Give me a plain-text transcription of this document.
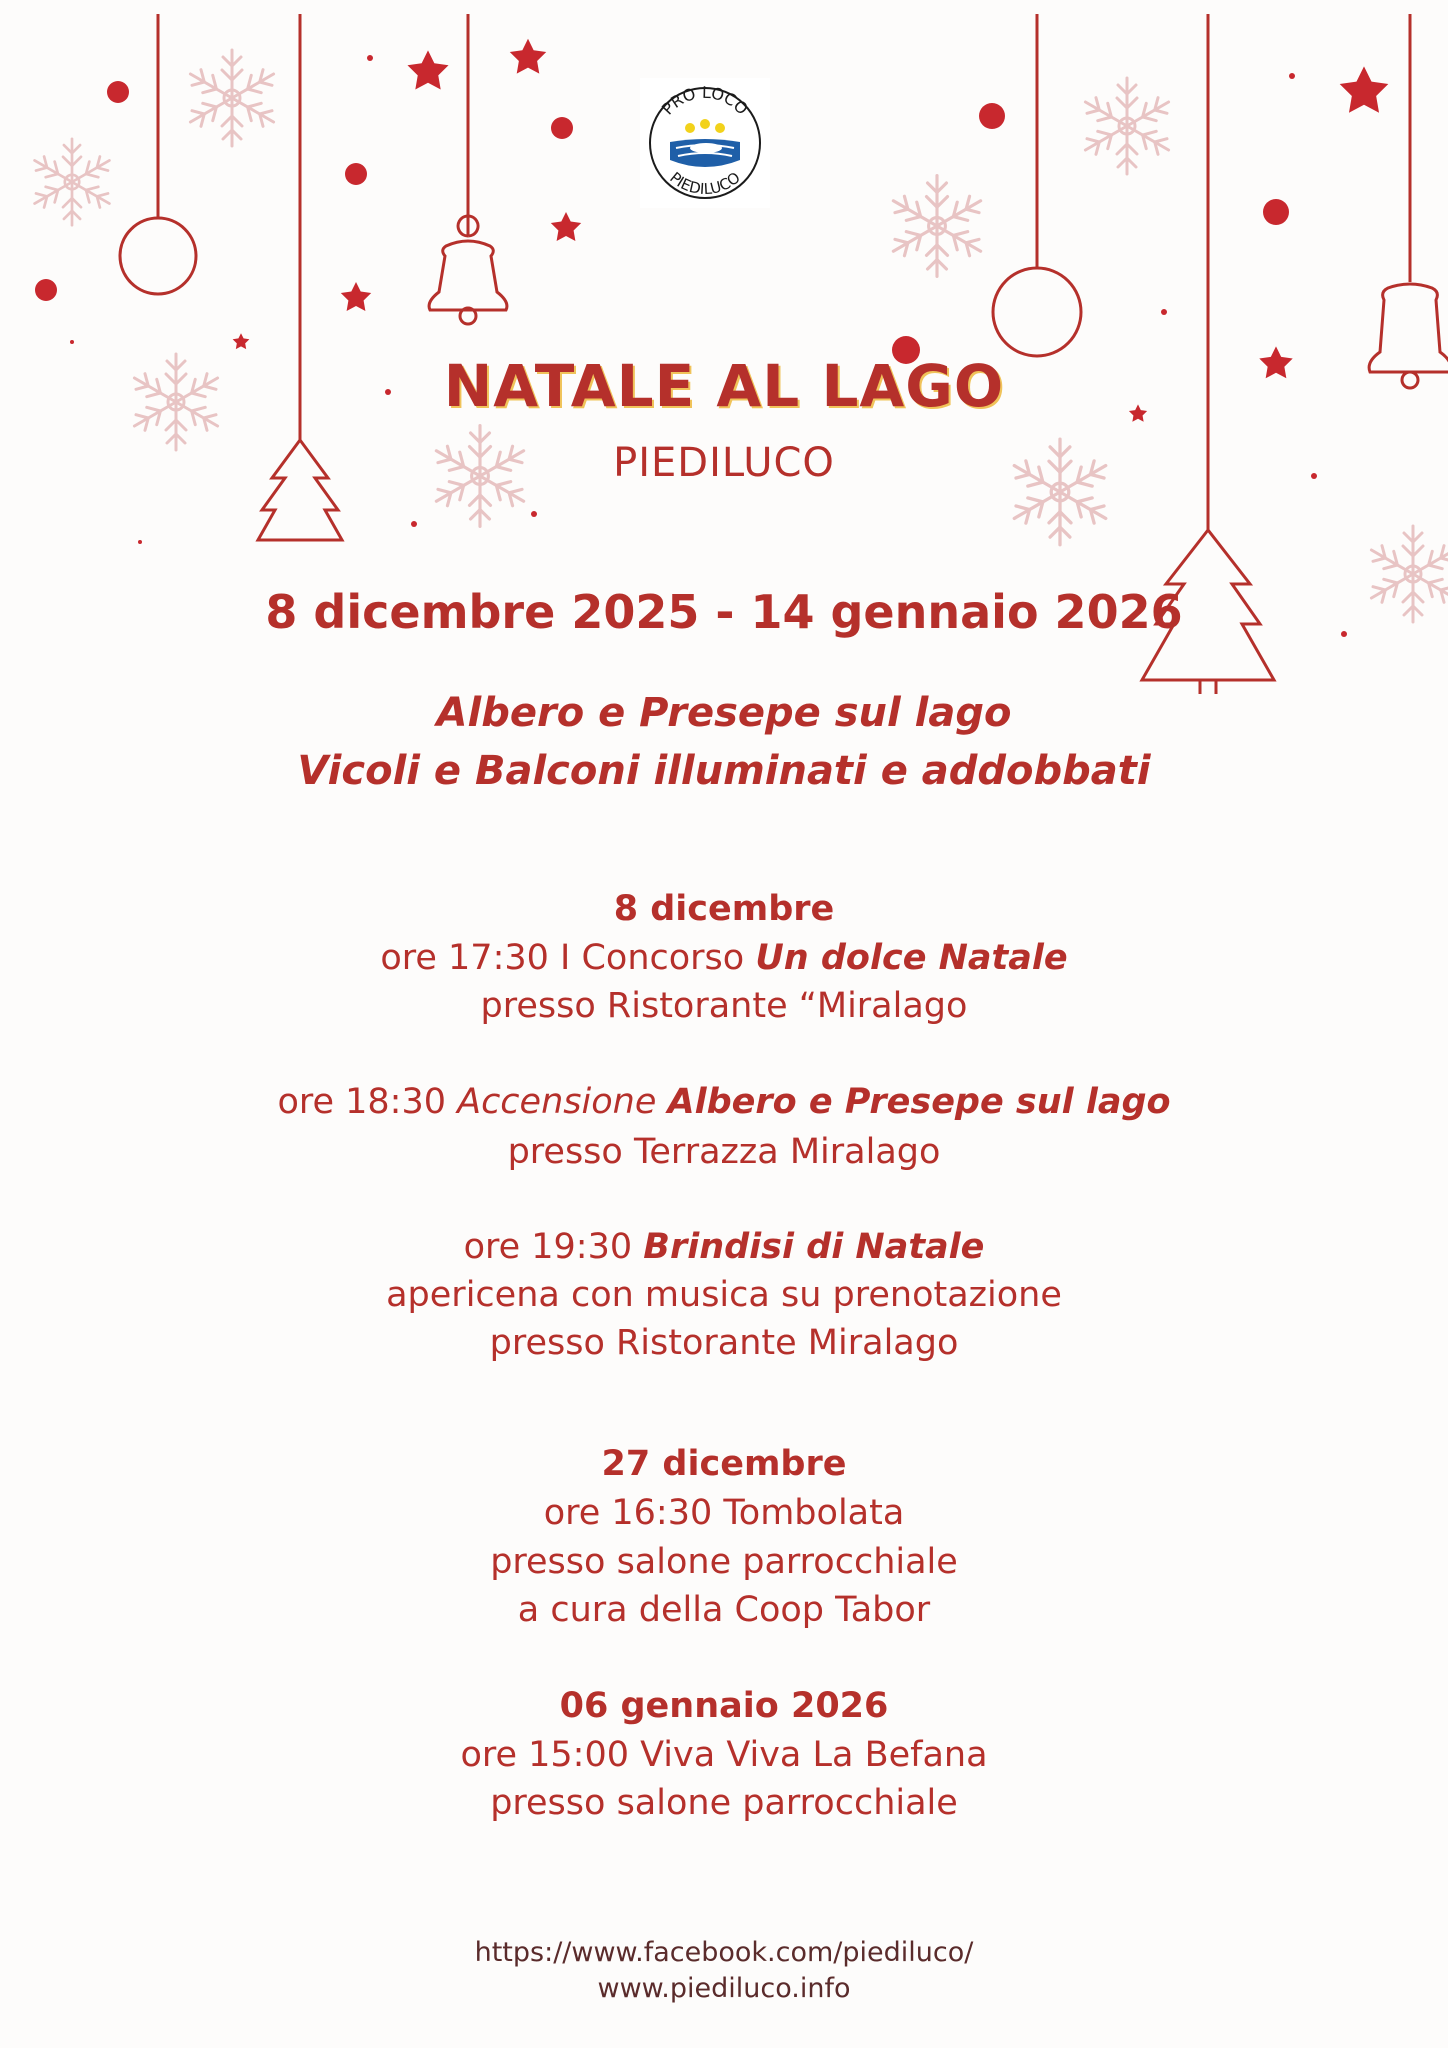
PRO LOCO
PIEDILUCO
NATALE AL LAGO
PIEDILUCO
8 dicembre 2025 - 14 gennaio 2026
Albero e Presepe sul lago
Vicoli e Balconi illuminati e addobbati
8 dicembre
ore 17:30 I Concorso Un dolce Natale
presso Ristorante “Miralago
ore 18:30 Accensione Albero e Presepe sul lago
presso Terrazza Miralago
ore 19:30 Brindisi di Natale
apericena con musica su prenotazione
presso Ristorante Miralago
27 dicembre
ore 16:30 Tombolata
presso salone parrocchiale
a cura della Coop Tabor
06 gennaio 2026
ore 15:00 Viva Viva La Befana
presso salone parrocchiale
https://www.facebook.com/piediluco/
www.piediluco.info
